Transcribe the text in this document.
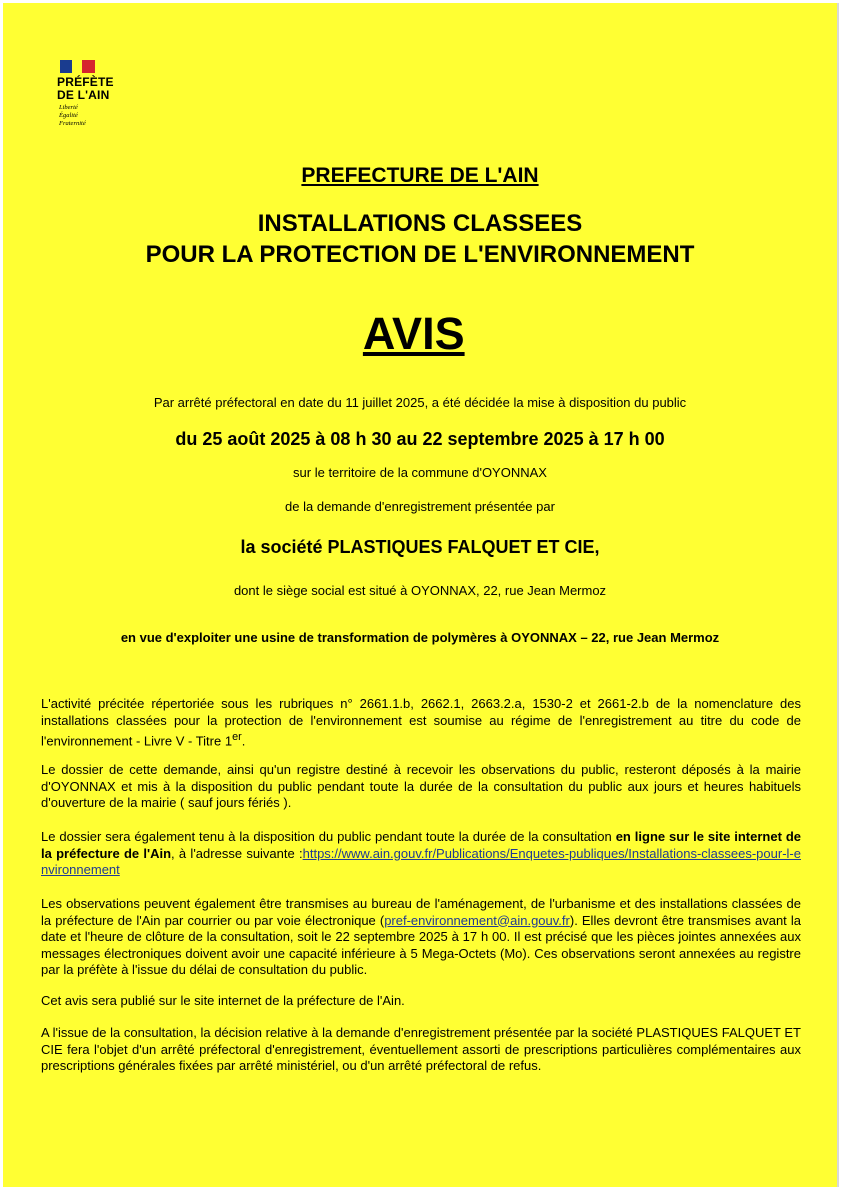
PRÉFÈTE
DE L'AIN
Liberté
Égalité
Fraternité
PREFECTURE DE L'AIN
INSTALLATIONS CLASSEES
POUR LA PROTECTION DE L'ENVIRONNEMENT
AVIS
Par arrêté préfectoral en date du 11 juillet 2025, a été décidée la mise à disposition du public
du 25 août 2025 à 08 h 30 au 22 septembre 2025 à 17 h 00
sur le territoire de la commune d'OYONNAX
de la demande d'enregistrement présentée par
la société PLASTIQUES FALQUET ET CIE,
dont le siège social est situé à OYONNAX, 22, rue Jean Mermoz
en vue d'exploiter une usine de transformation de polymères à OYONNAX – 22, rue Jean Mermoz
L'activité précitée répertoriée sous les rubriques n° 2661.1.b, 2662.1, 2663.2.a, 1530-2 et 2661-2.b de la nomenclature des installations classées pour la protection de l'environnement est soumise au régime de l'enregistrement au titre du code de l'environnement - Livre V - Titre 1er.
Le dossier de cette demande, ainsi qu'un registre destiné à recevoir les observations du public, resteront déposés à la mairie d'OYONNAX et mis à la disposition du public pendant toute la durée de la consultation du public aux jours et heures habituels d'ouverture de la mairie ( sauf jours fériés ).
Le dossier sera également tenu à la disposition du public pendant toute la durée de la consultation en ligne sur le site internet de la préfecture de l'Ain, à l'adresse suivante :https://www.ain.gouv.fr/Publications/Enquetes-publiques/Installations-classees-pour-l-environnement
Les observations peuvent également être transmises au bureau de l'aménagement, de l'urbanisme et des installations classées de la préfecture de l'Ain par courrier ou par voie électronique (pref-environnement@ain.gouv.fr). Elles devront être transmises avant la date et l'heure de clôture de la consultation, soit le 22 septembre 2025 à 17 h 00. Il est précisé que les pièces jointes annexées aux messages électroniques doivent avoir une capacité inférieure à 5 Mega-Octets (Mo). Ces observations seront annexées au registre par la préfète à l'issue du délai de consultation du public.
Cet avis sera publié sur le site internet de la préfecture de l'Ain.
A l'issue de la consultation, la décision relative à la demande d'enregistrement présentée par la société PLASTIQUES FALQUET ET CIE fera l'objet d'un arrêté préfectoral d'enregistrement, éventuellement assorti de prescriptions particulières complémentaires aux prescriptions générales fixées par arrêté ministériel, ou d'un arrêté préfectoral de refus.
